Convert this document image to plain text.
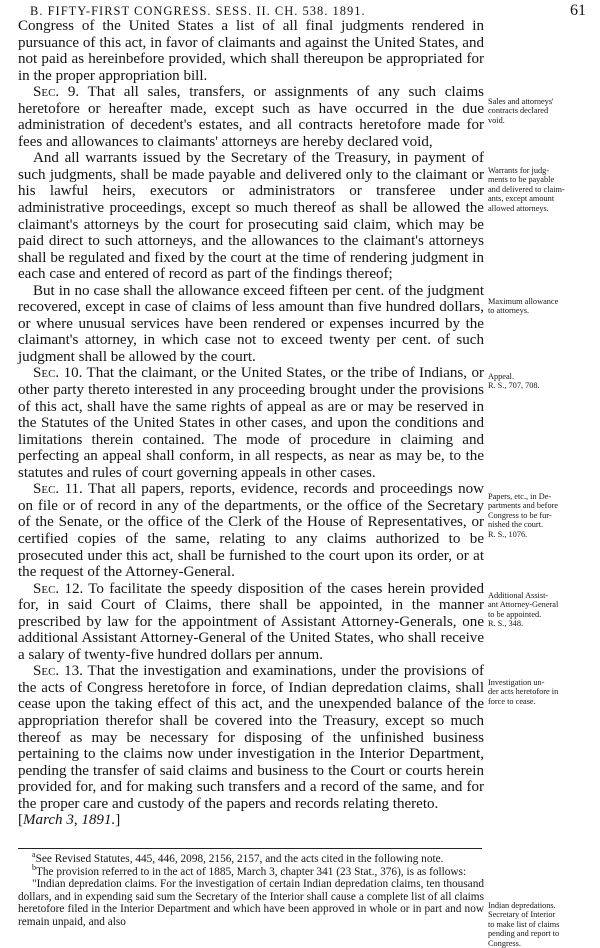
B. FIFTY-FIRST CONGRESS. SESS. II. CH. 538. 1891.	61

Congress of the United States a list of all final judgments rendered in pursuance of this act, in favor of claimants and against the United States, and not paid as hereinbefore provided, which shall thereupon be appropriated for in the proper appropriation bill.

Sec. 9. That all sales, transfers, or assignments of any such claims heretofore or hereafter made, except such as have occurred in the due administration of decedent's estates, and all contracts heretofore made for fees and allowances to claimants' attorneys are hereby declared void,

And all warrants issued by the Secretary of the Treasury, in payment of such judgments, shall be made payable and delivered only to the claimant or his lawful heirs, executors or administrators or transferee under administrative proceedings, except so much thereof as shall be allowed the claimant's attorneys by the court for prosecuting said claim, which may be paid direct to such attorneys, and the allowances to the claimant's attorneys shall be regulated and fixed by the court at the time of rendering judgment in each case and entered of record as part of the findings thereof;

But in no case shall the allowance exceed fifteen per cent. of the judgment recovered, except in case of claims of less amount than five hundred dollars, or where unusual services have been rendered or expenses incurred by the claimant's attorney, in which case not to exceed twenty per cent. of such judgment shall be allowed by the court.

Sec. 10. That the claimant, or the United States, or the tribe of Indians, or other party thereto interested in any proceeding brought under the provisions of this act, shall have the same rights of appeal as are or may be reserved in the Statutes of the United States in other cases, and upon the conditions and limitations therein contained. The mode of procedure in claiming and perfecting an appeal shall conform, in all respects, as near as may be, to the statutes and rules of court governing appeals in other cases.

Sec. 11. That all papers, reports, evidence, records and proceedings now on file or of record in any of the departments, or the office of the Secretary of the Senate, or the office of the Clerk of the House of Representatives, or certified copies of the same, relating to any claims authorized to be prosecuted under this act, shall be furnished to the court upon its order, or at the request of the Attorney-General.

Sec. 12. To facilitate the speedy disposition of the cases herein provided for, in said Court of Claims, there shall be appointed, in the manner prescribed by law for the appointment of Assistant Attorney-Generals, one additional Assistant Attorney-General of the United States, who shall receive a salary of twenty-five hundred dollars per annum.

Sec. 13. That the investigation and examinations, under the provisions of the acts of Congress heretofore in force, of Indian depredation claims, shall cease upon the taking effect of this act, and the unexpended balance of the appropriation therefor shall be covered into the Treasury, except so much thereof as may be necessary for disposing of the unfinished business pertaining to the claims now under investigation in the Interior Department, pending the transfer of said claims and business to the Court or courts herein provided for, and for making such transfers and a record of the same, and for the proper care and custody of the papers and records relating thereto.

[March 3, 1891.]

Sales and attorneys'
contracts declared
void.
Warrants for judg-
ments to be payable
and delivered to claim-
ants, except amount
allowed attorneys.
Maximum allowance
to attorneys.
Appeal.
R. S., 707, 708.
Papers, etc., in De-
partments and before
Congress to be fur-
nished the court.
R. S., 1076.
Additional Assist-
ant Attorney-General
to be appointed.
R. S., 348.
Investigation un-
der acts heretofore in
force to cease.
Indian depredations.
Secretary of Interior
to make list of claims
pending and report to
Congress.

$^a$See Revised Statutes, 445, 446, 2098, 2156, 2157, and the acts cited in the following note.

$^b$The provision referred to in the act of 1885, March 3, chapter 341 (23 Stat., 376), is as follows:

"Indian depredation claims. For the investigation of certain Indian depredation claims, ten thousand dollars, and in expending said sum the Secretary of the Interior shall cause a complete list of all claims heretofore filed in the Interior Department and which have been approved in whole or in part and now remain unpaid, and also
